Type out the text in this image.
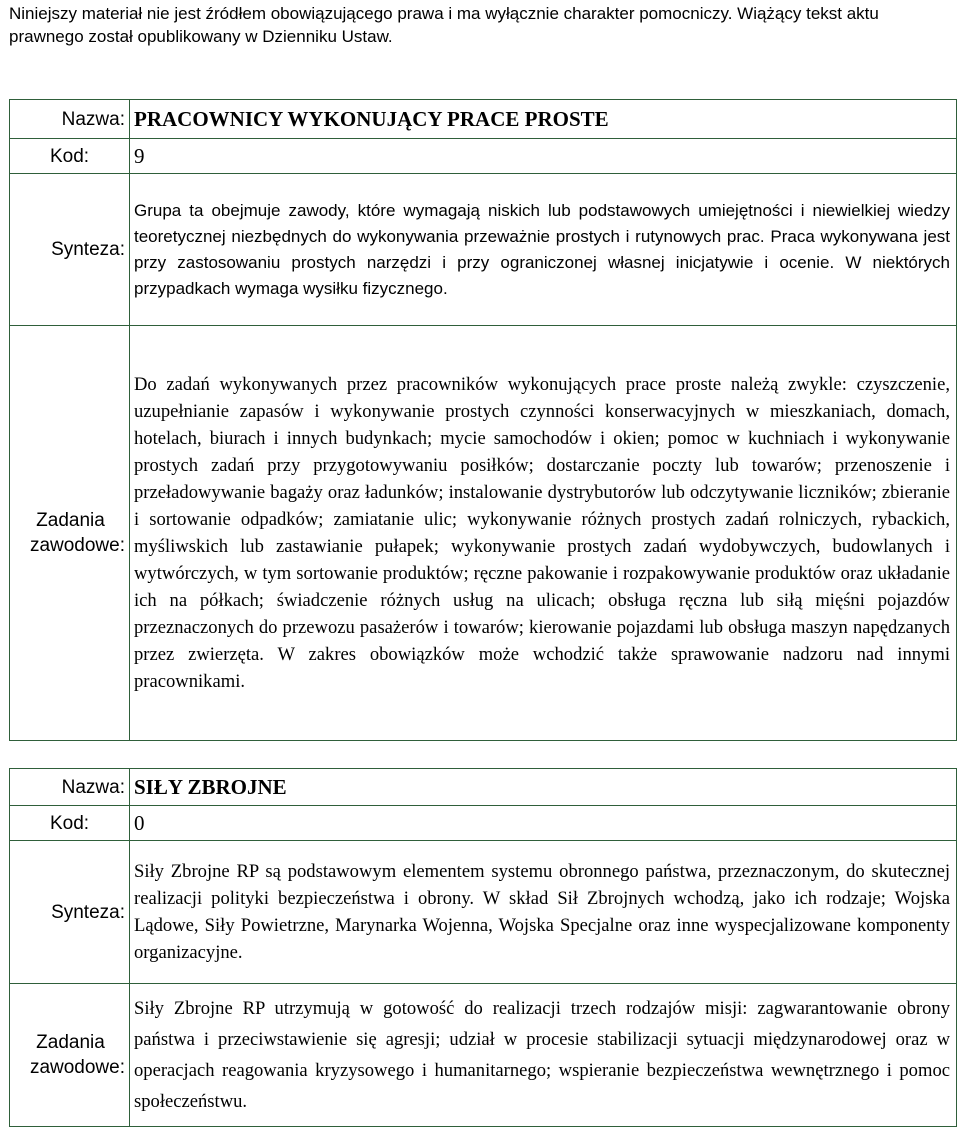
Niniejszy materiał nie jest źródłem obowiązującego prawa i ma wyłącznie charakter pomocniczy. Wiążący tekst aktu prawnego został opublikowany w Dzienniku Ustaw.
Nazwa:	PRACOWNICY WYKONUJĄCY PRACE PROSTE
Kod:	9
Synteza:	Grupa ta obejmuje zawody, które wymagają niskich lub podstawowych umiejętności i niewielkiej wiedzy teoretycznej niezbędnych do wykonywania przeważnie prostych i rutynowych prac. Praca wykonywana jest przy zastosowaniu prostych narzędzi i przy ograniczonej własnej inicjatywie i ocenie. W niektórych przypadkach wymaga wysiłku fizycznego.

Zadania
zawodowe:	Do zadań wykonywanych przez pracowników wykonujących prace proste należą zwykle: czyszczenie, uzupełnianie zapasów i wykonywanie prostych czynności konserwacyjnych w mieszkaniach, domach, hotelach, biurach i innych budynkach; mycie samochodów i okien; pomoc w kuchniach i wykonywanie prostych zadań przy przygotowywaniu posiłków; dostarczanie poczty lub towarów; przenoszenie i przeładowywanie bagaży oraz ładunków; instalowanie dystrybutorów lub odczytywanie liczników; zbieranie i sortowanie odpadków; zamiatanie ulic; wykonywanie różnych prostych zadań rolniczych, rybackich, myśliwskich lub zastawianie pułapek; wykonywanie prostych zadań wydobywczych, budowlanych i wytwórczych, w tym sortowanie produktów; ręczne pakowanie i rozpakowywanie produktów oraz układanie ich na półkach; świadczenie różnych usług na ulicach; obsługa ręczna lub siłą mięśni pojazdów przeznaczonych do przewozu pasażerów i towarów; kierowanie pojazdami lub obsługa maszyn napędzanych przez zwierzęta. W zakres obowiązków może wchodzić także sprawowanie nadzoru nad innymi pracownikami.
Nazwa:	SIŁY ZBROJNE
Kod:	0
Synteza:	Siły Zbrojne RP są podstawowym elementem systemu obronnego państwa, przeznaczonym, do skutecznej realizacji polityki bezpieczeństwa i obrony. W skład Sił Zbrojnych wchodzą, jako ich rodzaje; Wojska Lądowe, Siły Powietrzne, Marynarka Wojenna, Wojska Specjalne oraz inne wyspecjalizowane komponenty organizacyjne.

Zadania
zawodowe:	Siły Zbrojne RP utrzymują w gotowość do realizacji trzech rodzajów misji: zagwarantowanie obrony państwa i przeciwstawienie się agresji; udział w procesie stabilizacji sytuacji międzynarodowej oraz w operacjach reagowania kryzysowego i humanitarnego; wspieranie bezpieczeństwa wewnętrznego i pomoc społeczeństwu.
